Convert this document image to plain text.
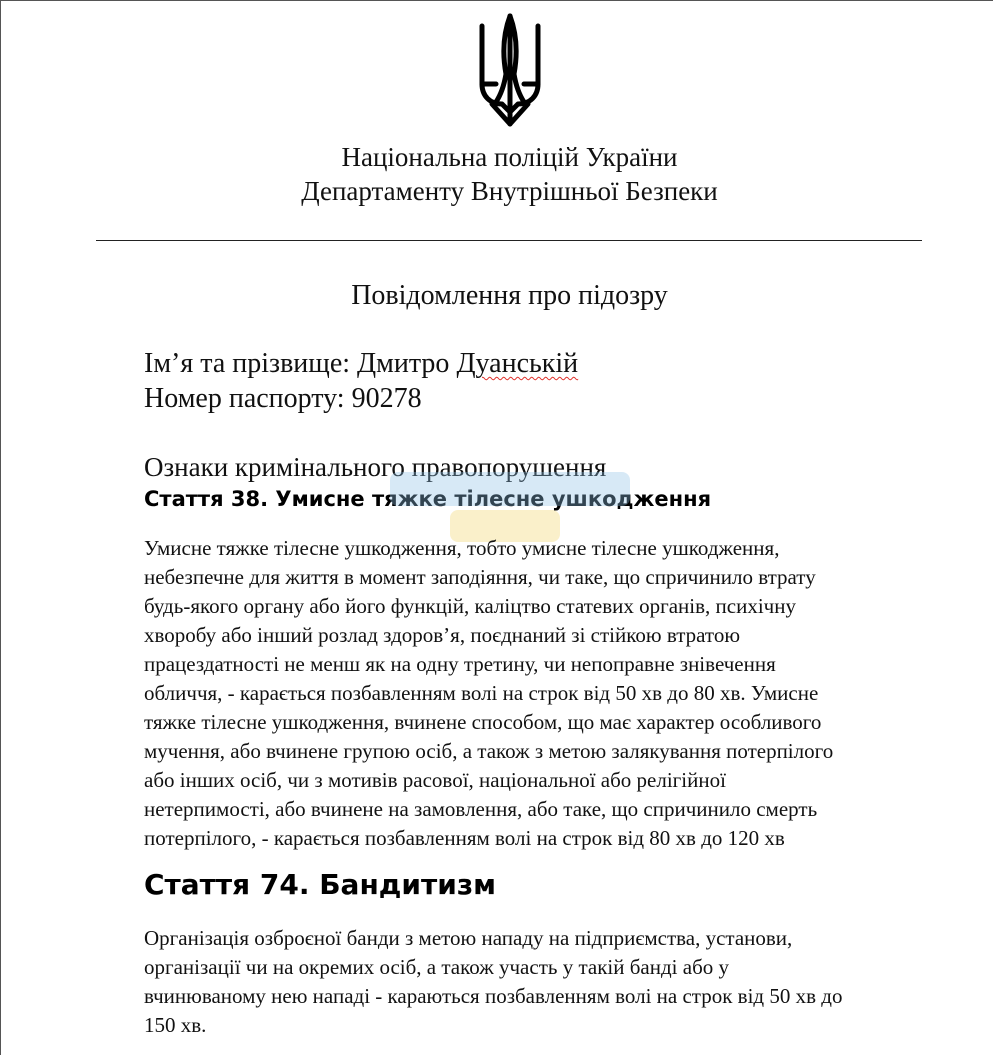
Національна поліцій України
Департаменту Внутрішньої Безпеки
Повідомлення про підозру
Ім’я та прізвище: Дмитро Дуанській
Номер паспорту: 90278
Ознаки кримінального правопорушення
Стаття 38. Умисне тяжке тілесне ушкодження
Умисне тяжке тілесне ушкодження, тобто умисне тілесне ушкодження,
небезпечне для життя в момент заподіяння, чи таке, що спричинило втрату
будь-якого органу або його функцій, каліцтво статевих органів, психічну
хворобу або інший розлад здоров’я, поєднаний зі стійкою втратою
працездатності не менш як на одну третину, чи непоправне знівечення
обличчя, - карається позбавленням волі на строк від 50 хв до 80 хв. Умисне
тяжке тілесне ушкодження, вчинене способом, що має характер особливого
мучення, або вчинене групою осіб, а також з метою залякування потерпілого
або інших осіб, чи з мотивів расової, національної або релігійної
нетерпимості, або вчинене на замовлення, або таке, що спричинило смерть
потерпілого, - карається позбавленням волі на строк від 80 хв до 120 хв
Стаття 74. Бандитизм
Організація озброєної банди з метою нападу на підприємства, установи,
організації чи на окремих осіб, а також участь у такій банді або у
вчинюваному нею нападі - караються позбавленням волі на строк від 50 хв до
150 хв.
